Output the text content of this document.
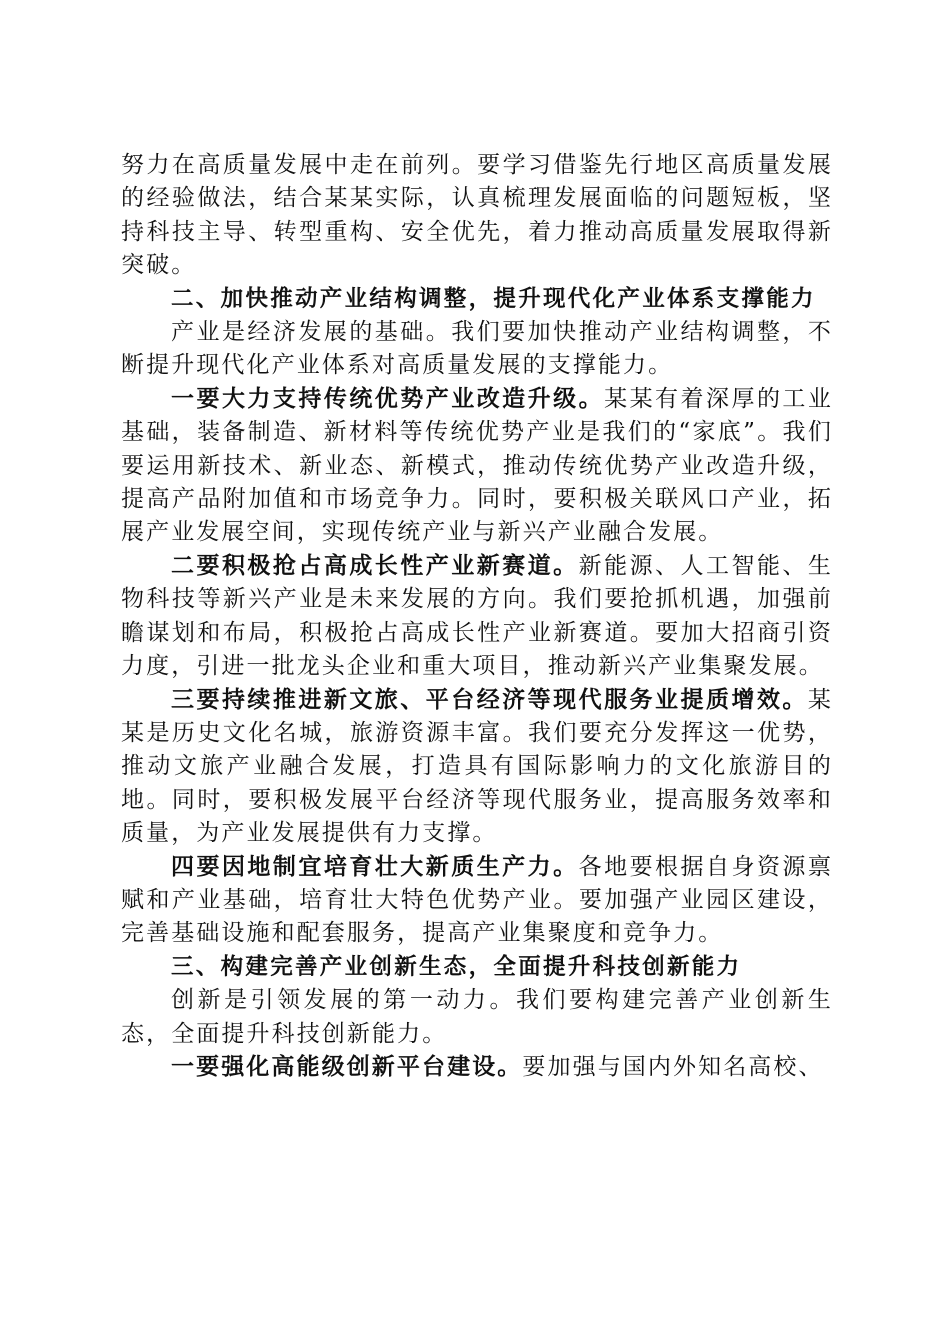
努力在高质量发展中走在前列。要学习借鉴先行地区高质量发展的经验做法，结合某某实际，认真梳理发展面临的问题短板，坚持科技主导、转型重构、安全优先，着力推动高质量发展取得新突破。

二、加快推动产业结构调整，提升现代化产业体系支撑能力

产业是经济发展的基础。我们要加快推动产业结构调整，不断提升现代化产业体系对高质量发展的支撑能力。

一要大力支持传统优势产业改造升级。某某有着深厚的工业基础，装备制造、新材料等传统优势产业是我们的“家底”。我们要运用新技术、新业态、新模式，推动传统优势产业改造升级，提高产品附加值和市场竞争力。同时，要积极关联风口产业，拓展产业发展空间，实现传统产业与新兴产业融合发展。

二要积极抢占高成长性产业新赛道。新能源、人工智能、生物科技等新兴产业是未来发展的方向。我们要抢抓机遇，加强前瞻谋划和布局，积极抢占高成长性产业新赛道。要加大招商引资力度，引进一批龙头企业和重大项目，推动新兴产业集聚发展。

三要持续推进新文旅、平台经济等现代服务业提质增效。某某是历史文化名城，旅游资源丰富。我们要充分发挥这一优势，推动文旅产业融合发展，打造具有国际影响力的文化旅游目的地。同时，要积极发展平台经济等现代服务业，提高服务效率和质量，为产业发展提供有力支撑。

四要因地制宜培育壮大新质生产力。各地要根据自身资源禀赋和产业基础，培育壮大特色优势产业。要加强产业园区建设，完善基础设施和配套服务，提高产业集聚度和竞争力。

三、构建完善产业创新生态，全面提升科技创新能力

创新是引领发展的第一动力。我们要构建完善产业创新生态，全面提升科技创新能力。

一要强化高能级创新平台建设。要加强与国内外知名高校、
